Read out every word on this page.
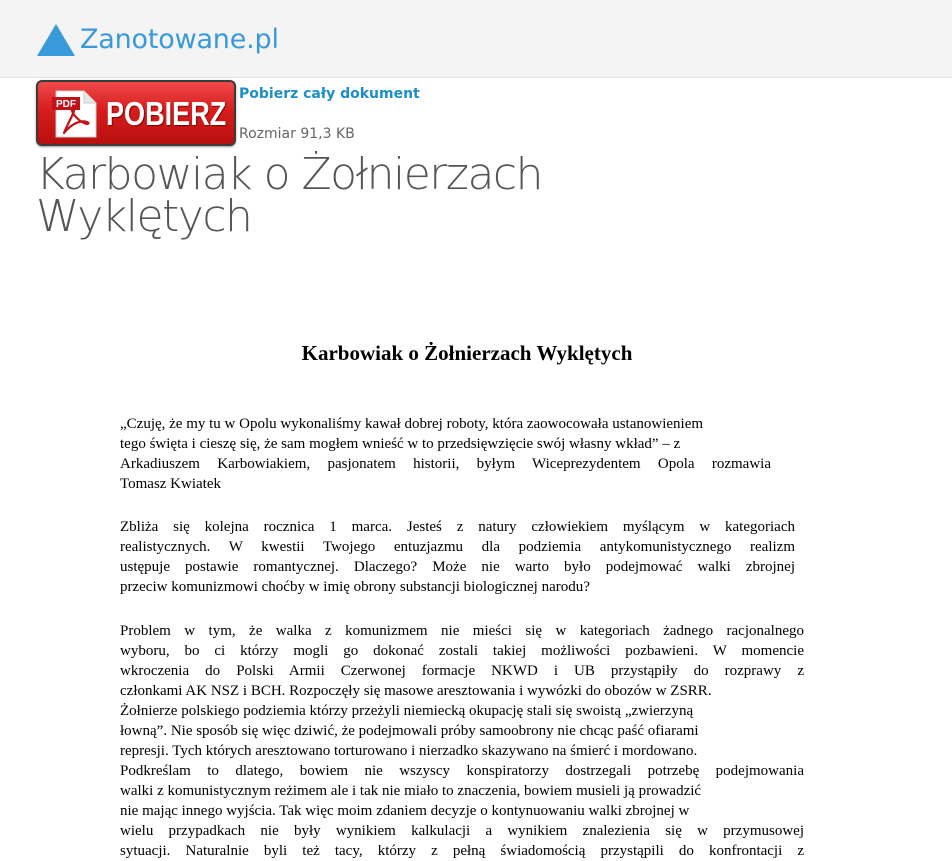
Zanotowane.pl
PDF POBIERZ
Pobierz cały dokument
Rozmiar 91,3 KB
Karbowiak o Żołnierzach Wyklętych
Karbowiak o Żołnierzach Wyklętych
„Czuję, że my tu w Opolu wykonaliśmy kawał dobrej roboty, która zaowocowała ustanowieniem
tego święta i cieszę się, że sam mogłem wnieść w to przedsięwzięcie swój własny wkład” – z
Arkadiuszem Karbowiakiem, pasjonatem historii, byłym Wiceprezydentem Opola rozmawia
Tomasz Kwiatek
Zbliża się kolejna rocznica 1 marca. Jesteś z natury człowiekiem myślącym w kategoriach
realistycznych. W kwestii Twojego entuzjazmu dla podziemia antykomunistycznego realizm
ustępuje postawie romantycznej. Dlaczego? Może nie warto było podejmować walki zbrojnej
przeciw komunizmowi choćby w imię obrony substancji biologicznej narodu?
Problem w tym, że walka z komunizmem nie mieści się w kategoriach żadnego racjonalnego
wyboru, bo ci którzy mogli go dokonać zostali takiej możliwości pozbawieni. W momencie
wkroczenia do Polski Armii Czerwonej formacje NKWD i UB przystąpiły do rozprawy z
członkami AK NSZ i BCH. Rozpoczęły się masowe aresztowania i wywózki do obozów w ZSRR.
Żołnierze polskiego podziemia którzy przeżyli niemiecką okupację stali się swoistą „zwierzyną
łowną”. Nie sposób się więc dziwić, że podejmowali próby samoobrony nie chcąc paść ofiarami
represji. Tych których aresztowano torturowano i nierzadko skazywano na śmierć i mordowano.
Podkreślam to dlatego, bowiem nie wszyscy konspiratorzy dostrzegali potrzebę podejmowania
walki z komunistycznym reżimem ale i tak nie miało to znaczenia, bowiem musieli ją prowadzić
nie mając innego wyjścia. Tak więc moim zdaniem decyzje o kontynuowaniu walki zbrojnej w
wielu przypadkach nie były wynikiem kalkulacji a wynikiem znalezienia się w przymusowej
sytuacji. Naturalnie byli też tacy, którzy z pełną świadomością przystąpili do konfrontacji z
